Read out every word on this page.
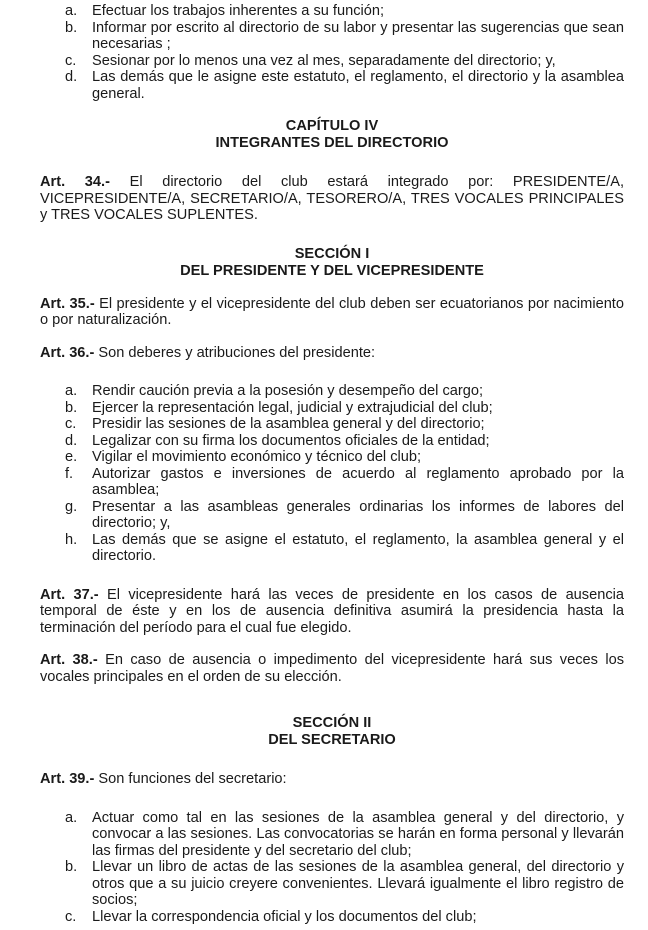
a.	Efectuar los trabajos inherentes a su función;
b.	Informar por escrito al directorio de su labor y presentar las sugerencias que sean necesarias ;
c.	Sesionar por lo menos una vez al mes, separadamente del directorio; y,
d.	Las demás que le asigne este estatuto, el reglamento, el directorio y la asamblea general.

CAPÍTULO IV

INTEGRANTES DEL DIRECTORIO

Art. 34.- El directorio del club estará integrado por: PRESIDENTE/A, VICEPRESIDENTE/A, SECRETARIO/A, TESORERO/A, TRES VOCALES PRINCIPALES y TRES VOCALES SUPLENTES.

SECCIÓN I

DEL PRESIDENTE Y DEL VICEPRESIDENTE

Art. 35.- El presidente y el vicepresidente del club deben ser ecuatorianos por nacimiento o por naturalización.

Art. 36.- Son deberes y atribuciones del presidente:

a.	Rendir caución previa a la posesión y desempeño del cargo;
b.	Ejercer la representación legal, judicial y extrajudicial del club;
c.	Presidir las sesiones de la asamblea general y del directorio;
d.	Legalizar con su firma los documentos oficiales de la entidad;
e.	Vigilar el movimiento económico y técnico del club;
f.	Autorizar gastos e inversiones de acuerdo al reglamento aprobado por la asamblea;
g.	Presentar a las asambleas generales ordinarias los informes de labores del directorio; y,
h.	Las demás que se asigne el estatuto, el reglamento, la asamblea general y el directorio.

Art. 37.- El vicepresidente hará las veces de presidente en los casos de ausencia temporal de éste y en los de ausencia definitiva asumirá la presidencia hasta la terminación del período para el cual fue elegido.

Art. 38.- En caso de ausencia o impedimento del vicepresidente hará sus veces los vocales principales en el orden de su elección.

SECCIÓN II

DEL SECRETARIO

Art. 39.- Son funciones del secretario:

a.	Actuar como tal en las sesiones de la asamblea general y del directorio, y convocar a las sesiones. Las convocatorias se harán en forma personal y llevarán las firmas del presidente y del secretario del club;
b.	Llevar un libro de actas de las sesiones de la asamblea general, del directorio y otros que a su juicio creyere convenientes. Llevará igualmente el libro registro de socios;
c.	Llevar la correspondencia oficial y los documentos del club;
